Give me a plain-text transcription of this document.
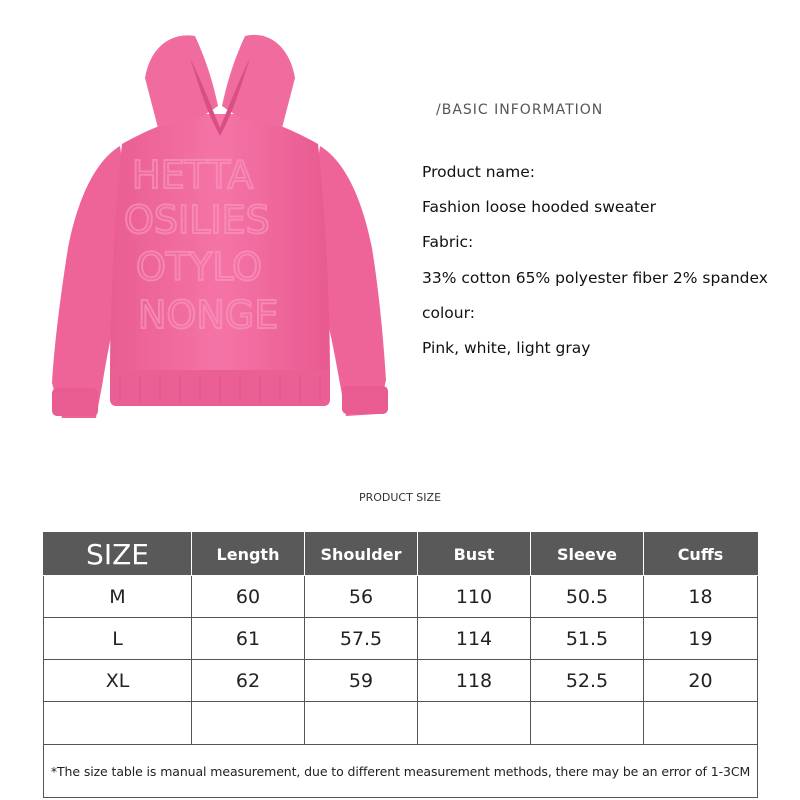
HETTA
OSILIES
OTYLO
NONGE
/BASIC INFORMATION
Product name:
Fashion loose hooded sweater
Fabric:
33% cotton 65% polyester fiber 2% spandex
colour:
Pink, white, light gray
PRODUCT SIZE
SIZE	Length	Shoulder	Bust	Sleeve	Cuffs
M	60	56	110	50.5	18
L	61	57.5	114	51.5	19
XL	62	59	118	52.5	20

*The size table is manual measurement, due to different measurement methods, there may be an error of 1-3CM					
